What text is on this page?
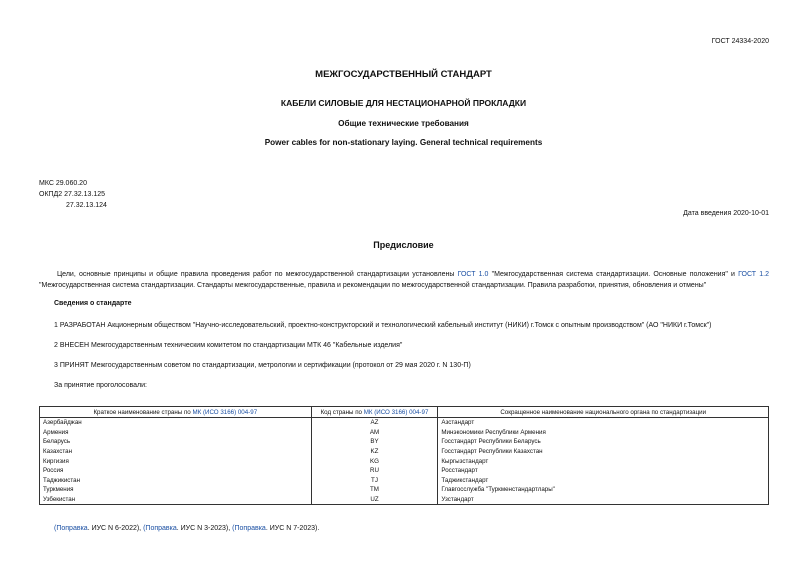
ГОСТ 24334-2020
МЕЖГОСУДАРСТВЕННЫЙ СТАНДАРТ
КАБЕЛИ СИЛОВЫЕ ДЛЯ НЕСТАЦИОНАРНОЙ ПРОКЛАДКИ
Общие технические требования
Power cables for non-stationary laying. General technical requirements
МКС 29.060.20
ОКПД2 27.32.13.125
27.32.13.124
Дата введения 2020-10-01
Предисловие
Цели, основные принципы и общие правила проведения работ по межгосударственной стандартизации установлены ГОСТ 1.0 "Межгосударственная система стандартизации. Основные положения" и ГОСТ 1.2 "Межгосударственная система стандартизации. Стандарты межгосударственные, правила и рекомендации по межгосударственной стандартизации. Правила разработки, принятия, обновления и отмены"
Сведения о стандарте
1 РАЗРАБОТАН Акционерным обществом "Научно-исследовательский, проектно-конструкторский и технологический кабельный институт (НИКИ) г.Томск с опытным производством" (АО "НИКИ г.Томск")
2 ВНЕСЕН Межгосударственным техническим комитетом по стандартизации МТК 46 "Кабельные изделия"
3 ПРИНЯТ Межгосударственным советом по стандартизации, метрологии и сертификации (протокол от 29 мая 2020 г. N 130-П)
За принятие проголосовали:
Краткое наименование страны по МК (ИСО 3166) 004-97	Код страны по МК (ИСО 3166) 004-97	Сокращенное наименование национального органа по стандартизации
Азербайджан	AZ	Азстандарт
Армения	AM	Минэкономики Республики Армения
Беларусь	BY	Госстандарт Республики Беларусь
Казахстан	KZ	Госстандарт Республики Казахстан
Киргизия	KG	Кыргызстандарт
Россия	RU	Росстандарт
Таджикистан	TJ	Таджикстандарт
Туркмения	TM	Главгосслужба "Туркменстандартлары"
Узбекистан	UZ	Узстандарт
(Поправка. ИУС N 6-2022), (Поправка. ИУС N 3-2023), (Поправка. ИУС N 7-2023).
